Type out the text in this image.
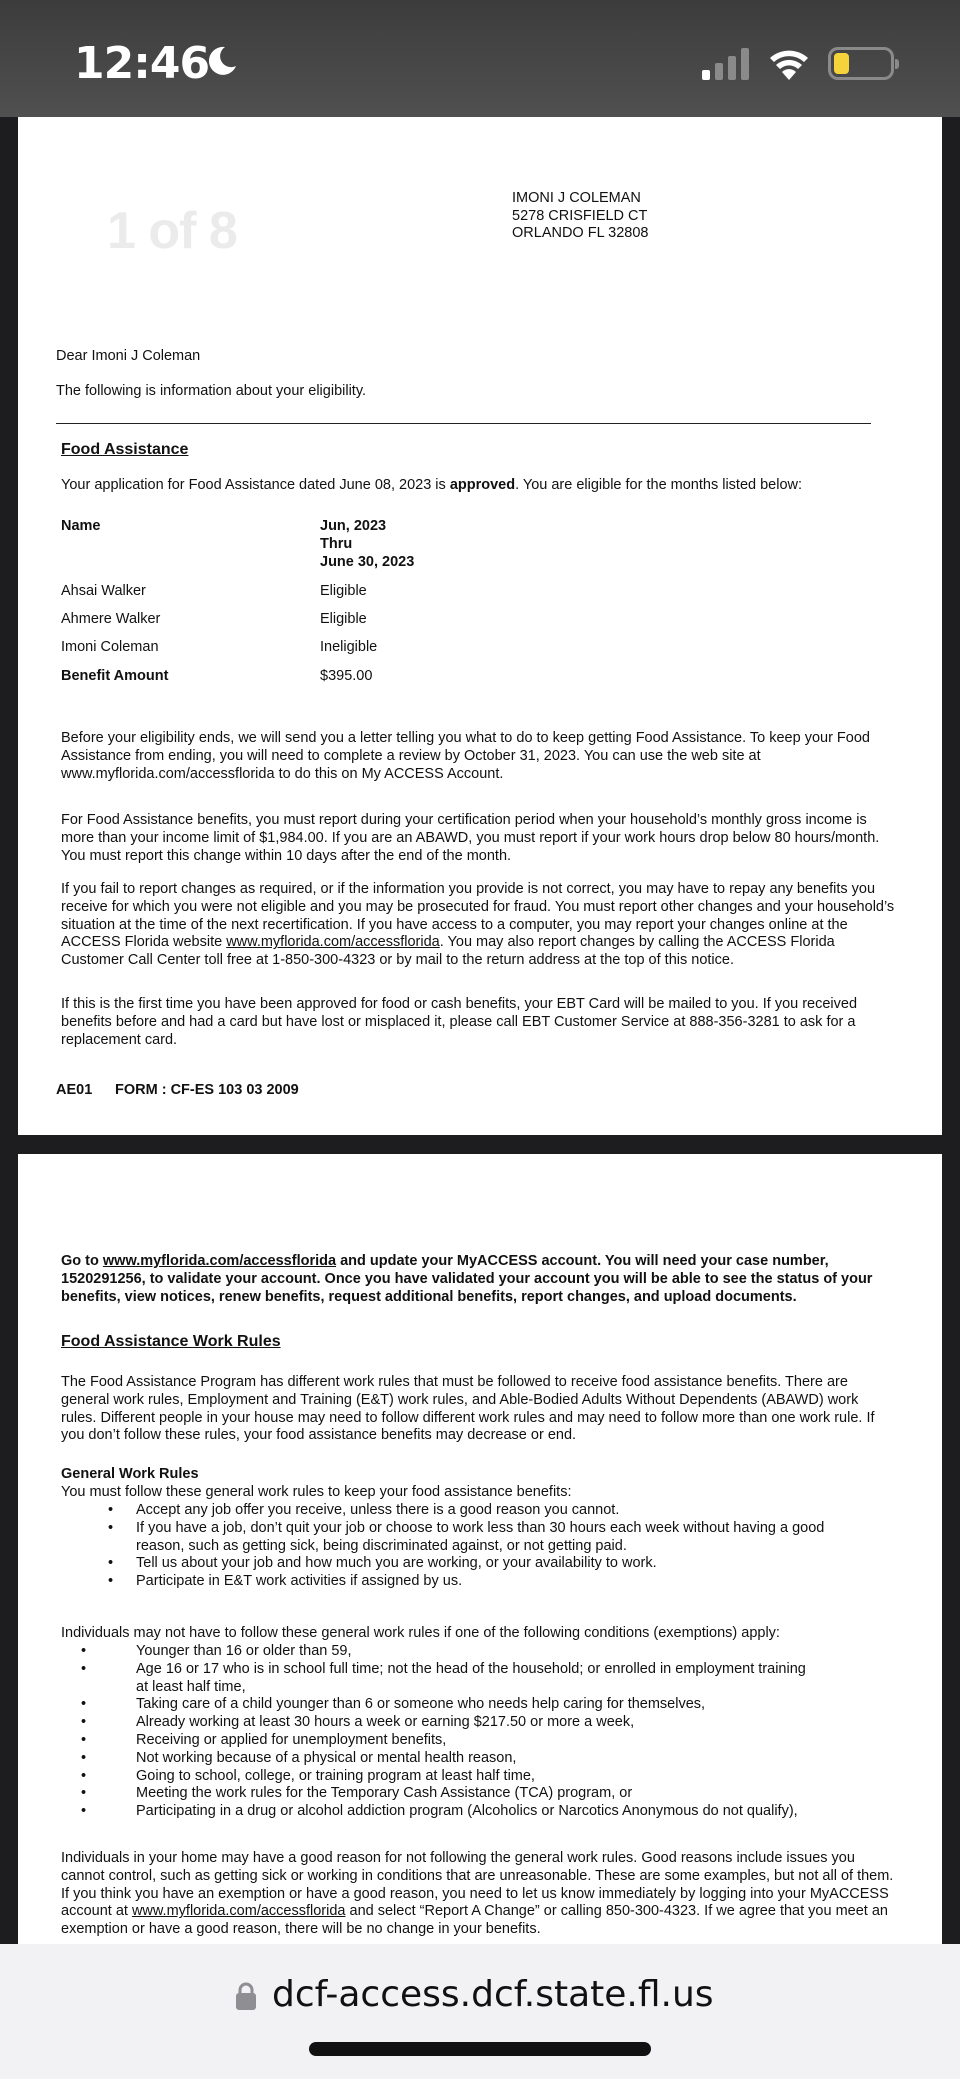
12:46
1 of 8
IMONI J COLEMAN
5278 CRISFIELD CT
ORLANDO FL 32808
Dear Imoni J Coleman
The following is information about your eligibility.
Food Assistance
Your application for Food Assistance dated June 08, 2023 is approved. You are eligible for the months listed below:
Name	Jun, 2023
Thru
June 30, 2023
Ahsai Walker	Eligible
Ahmere Walker	Eligible
Imoni Coleman	Ineligible
Benefit Amount	$395.00
Before your eligibility ends, we will send you a letter telling you what to do to keep getting Food Assistance. To keep your Food Assistance from ending, you will need to complete a review by October 31, 2023. You can use the web site at www.myflorida.com/accessflorida to do this on My ACCESS Account.
For Food Assistance benefits, you must report during your certification period when your household’s monthly gross income is more than your income limit of $1,984.00. If you are an ABAWD, you must report if your work hours drop below 80 hours/month. You must report this change within 10 days after the end of the month.
If you fail to report changes as required, or if the information you provide is not correct, you may have to repay any benefits you receive for which you were not eligible and you may be prosecuted for fraud. You must report other changes and your household’s situation at the time of the next recertification. If you have access to a computer, you may report your changes online at the ACCESS Florida website www.myflorida.com/accessflorida. You may also report changes by calling the ACCESS Florida Customer Call Center toll free at 1-850-300-4323 or by mail to the return address at the top of this notice.
If this is the first time you have been approved for food or cash benefits, your EBT Card will be mailed to you. If you received benefits before and had a card but have lost or misplaced it, please call EBT Customer Service at 888-356-3281 to ask for a replacement card.
AE01 FORM : CF-ES 103 03 2009
Go to www.myflorida.com/accessflorida and update your MyACCESS account. You will need your case number, 1520291256, to validate your account. Once you have validated your account you will be able to see the status of your benefits, view notices, renew benefits, request additional benefits, report changes, and upload documents.
Food Assistance Work Rules
The Food Assistance Program has different work rules that must be followed to receive food assistance benefits. There are general work rules, Employment and Training (E&T) work rules, and Able-Bodied Adults Without Dependents (ABAWD) work rules. Different people in your house may need to follow different work rules and may need to follow more than one work rule. If you don’t follow these rules, your food assistance benefits may decrease or end.
General Work Rules
You must follow these general work rules to keep your food assistance benefits:
• Accept any job offer you receive, unless there is a good reason you cannot.
• If you have a job, don’t quit your job or choose to work less than 30 hours each week without having a good reason, such as getting sick, being discriminated against, or not getting paid.
• Tell us about your job and how much you are working, or your availability to work.
• Participate in E&T work activities if assigned by us.
Individuals may not have to follow these general work rules if one of the following conditions (exemptions) apply:
• Younger than 16 or older than 59,
• Age 16 or 17 who is in school full time; not the head of the household; or enrolled in employment training at least half time,
• Taking care of a child younger than 6 or someone who needs help caring for themselves,
• Already working at least 30 hours a week or earning $217.50 or more a week,
• Receiving or applied for unemployment benefits,
• Not working because of a physical or mental health reason,
• Going to school, college, or training program at least half time,
• Meeting the work rules for the Temporary Cash Assistance (TCA) program, or
• Participating in a drug or alcohol addiction program (Alcoholics or Narcotics Anonymous do not qualify),
Individuals in your home may have a good reason for not following the general work rules. Good reasons include issues you cannot control, such as getting sick or working in conditions that are unreasonable. These are some examples, but not all of them. If you think you have an exemption or have a good reason, you need to let us know immediately by logging into your MyACCESS account at www.myflorida.com/accessflorida and select “Report A Change” or calling 850-300-4323. If we agree that you meet an exemption or have a good reason, there will be no change in your benefits.
dcf-access.dcf.state.fl.us
